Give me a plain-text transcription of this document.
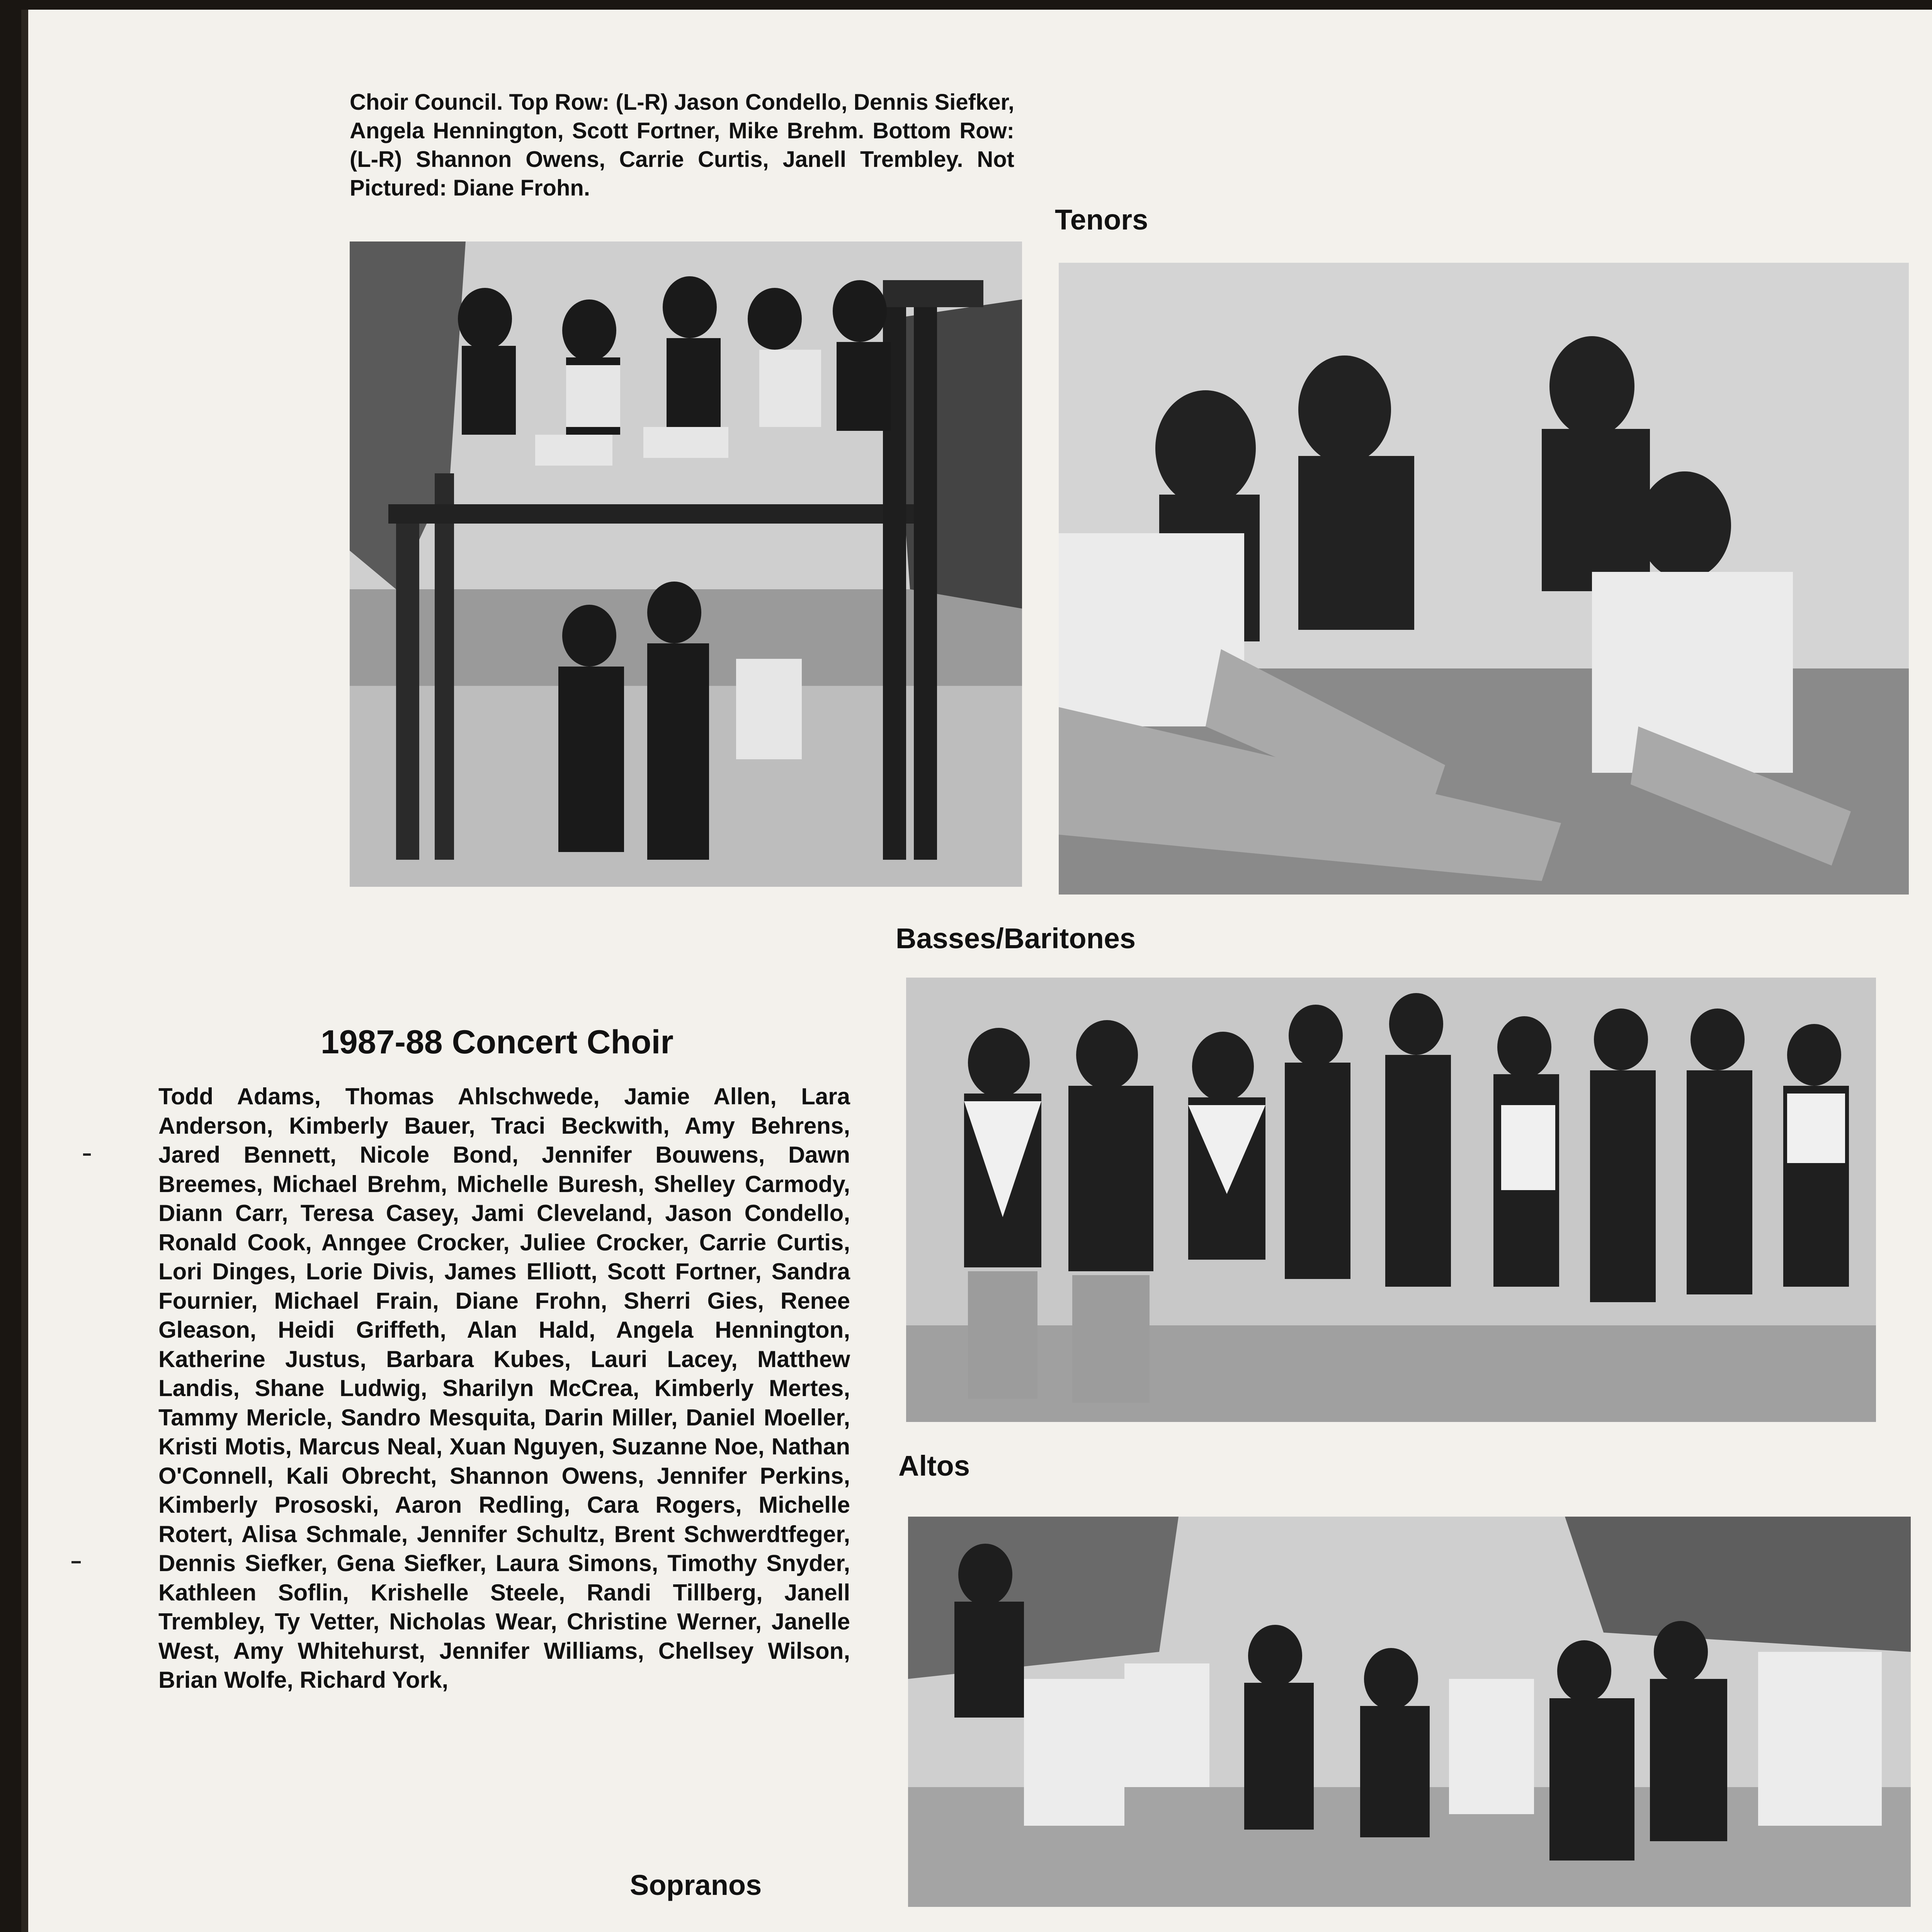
Choir Council. Top Row: (L-R) Jason Condello, Dennis Siefker, Angela Hennington, Scott Fortner, Mike Brehm. Bottom Row: (L-R) Shannon Owens, Carrie Curtis, Janell Trembley. Not Pictured: Diane Frohn.
Tenors
Basses/Baritones
1987-88 Concert Choir
Todd Adams, Thomas Ahlschwede, Jamie Allen, Lara Anderson, Kimberly Bauer, Traci Beckwith, Amy Behrens, Jared Bennett, Nicole Bond, Jennifer Bouwens, Dawn Breemes, Michael Brehm, Michelle Buresh, Shelley Carmody, Diann Carr, Teresa Casey, Jami Cleveland, Jason Condello, Ronald Cook, Anngee Crocker, Juliee Crocker, Carrie Curtis, Lori Dinges, Lorie Divis, James Elliott, Scott Fortner, Sandra Fournier, Michael Frain, Diane Frohn, Sherri Gies, Renee Gleason, Heidi Griffeth, Alan Hald, Angela Hennington, Katherine Justus, Barbara Kubes, Lauri Lacey, Matthew Landis, Shane Ludwig, Sharilyn McCrea, Kimberly Mertes, Tammy Mericle, Sandro Mesquita, Darin Miller, Daniel Moeller, Kristi Motis, Marcus Neal, Xuan Nguyen, Suzanne Noe, Nathan O'Connell, Kali Obrecht, Shannon Owens, Jennifer Perkins, Kimberly Prososki, Aaron Redling, Cara Rogers, Michelle Rotert, Alisa Schmale, Jennifer Schultz, Brent Schwerdtfeger, Dennis Siefker, Gena Siefker, Laura Simons, Timothy Snyder, Kathleen Soflin, Krishelle Steele, Randi Tillberg, Janell Trembley, Ty Vetter, Nicholas Wear, Christine Werner, Janelle West, Amy Whitehurst, Jennifer Williams, Chellsey Wilson, Brian Wolfe, Richard York,
Altos
Sopranos
